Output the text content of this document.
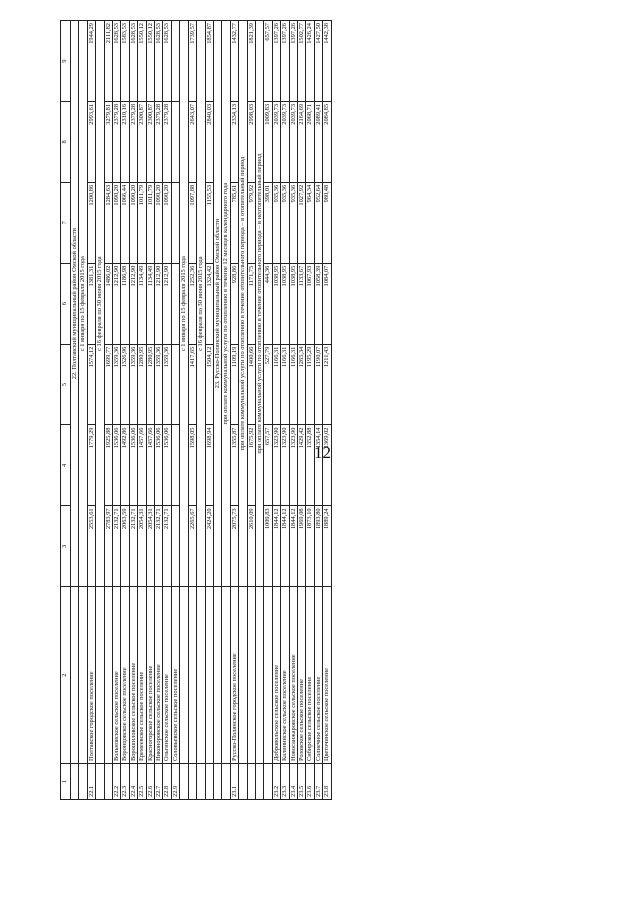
12
1	2	3	4	5	6	7	8	9
		22. Полтавский муниципальный район Омской области						
		с 1 января по 15 февраля 2015 года						
22.1	Полтавское городское поселение	2553,61	1779,29	1574,12	1381,31	1200,86	2993,61	1944,29
		с 16 февраля по 30 июня 2015 года						
		2783,97	1925,88	1699,77	1486,02	1284,63	3279,81	2111,82
22.2	Вольновское сельское поселение	2132,71	1536,06	1359,36	1212,90	1090,20	2379,28	1628,53
22.3	Воронцовское сельское поселение	2063,59	1492,86	1326,96	1186,98	1066,44	2310,16	1583,53
22.4	Ворошиловское сельское поселение	2132,71	1536,06	1359,36	1212,90	1090,20	2379,28	1628,53
22.5	Еремеевское сельское поселение	2054,31	1457,66	1280,95	1134,49	1011,79	2300,87	1550,12
22.6	Красногорское сельское поселение	2054,31	1457,66	1280,95	1134,49	1011,79	2300,87	1550,12
22.7	Никоноровское сельское поселение	2132,71	1536,06	1359,36	1212,90	1090,20	2379,28	1628,53
22.8	Ольгинское сельское поселение	2132,71	1536,06	1359,36	1212,90	1090,20	2379,28	1628,53
22.9	Соловьевское сельское поселение							
		с 1 января по 15 февраля 2015 года						
		2265,67	1598,05	1417,65	1252,36	1097,88	2643,07	1739,57
		с 16 февраля по 30 июня 2015 года						
		2424,20	1698,94	1504,12	1324,42	1155,53	2840,03	1854,87
		23. Русско-Полянский муниципальный район Омской области						
		при оплате коммунальной услуги по отоплению в течение 12 месяцев календарного года						
23.1	Русско-Полянское городское поселение	2075,73	1355,87	1109,19	928,86	785,61	2334,13	1432,77
		при оплате коммунальной услуги по отоплению в течение отопительного периода – в отопительный период						
		2610,09	1675,92	1400,66	1171,75	979,92	2998,03	1821,39
		при оплате коммунальной услуги по отоплению в течение отопительного периода – в неотопительный период						
		1009,83	657,57	527,79	444,36	398,01	1009,83	657,57
23.2	Добровольское сельское поселение	1844,12	1323,90	1166,31	1038,95	935,36	2039,73	1397,26
23.3	Калининское сельское поселение	1844,12	1323,90	1166,31	1038,95	935,36	2039,73	1397,26
23.4	Новосанжаровское сельское поселение	1844,12	1323,90	1166,31	1038,95	935,36	2039,73	1397,26
23.5	Розовское сельское поселение	1969,08	1429,42	1265,34	1133,67	1027,92	2164,69	1502,77
23.6	Сибирское сельское поселение	1873,10	1352,88	1195,29	1067,93	964,34	2068,71	1426,24
23.7	Солнечное сельское поселение	1893,80	1354,14	1190,07	1058,39	952,64	2089,41	1427,50
23.8	Цветочинское сельское поселение	1889,24	1369,02	1211,43	1084,07	980,48	2084,85	1442,38
